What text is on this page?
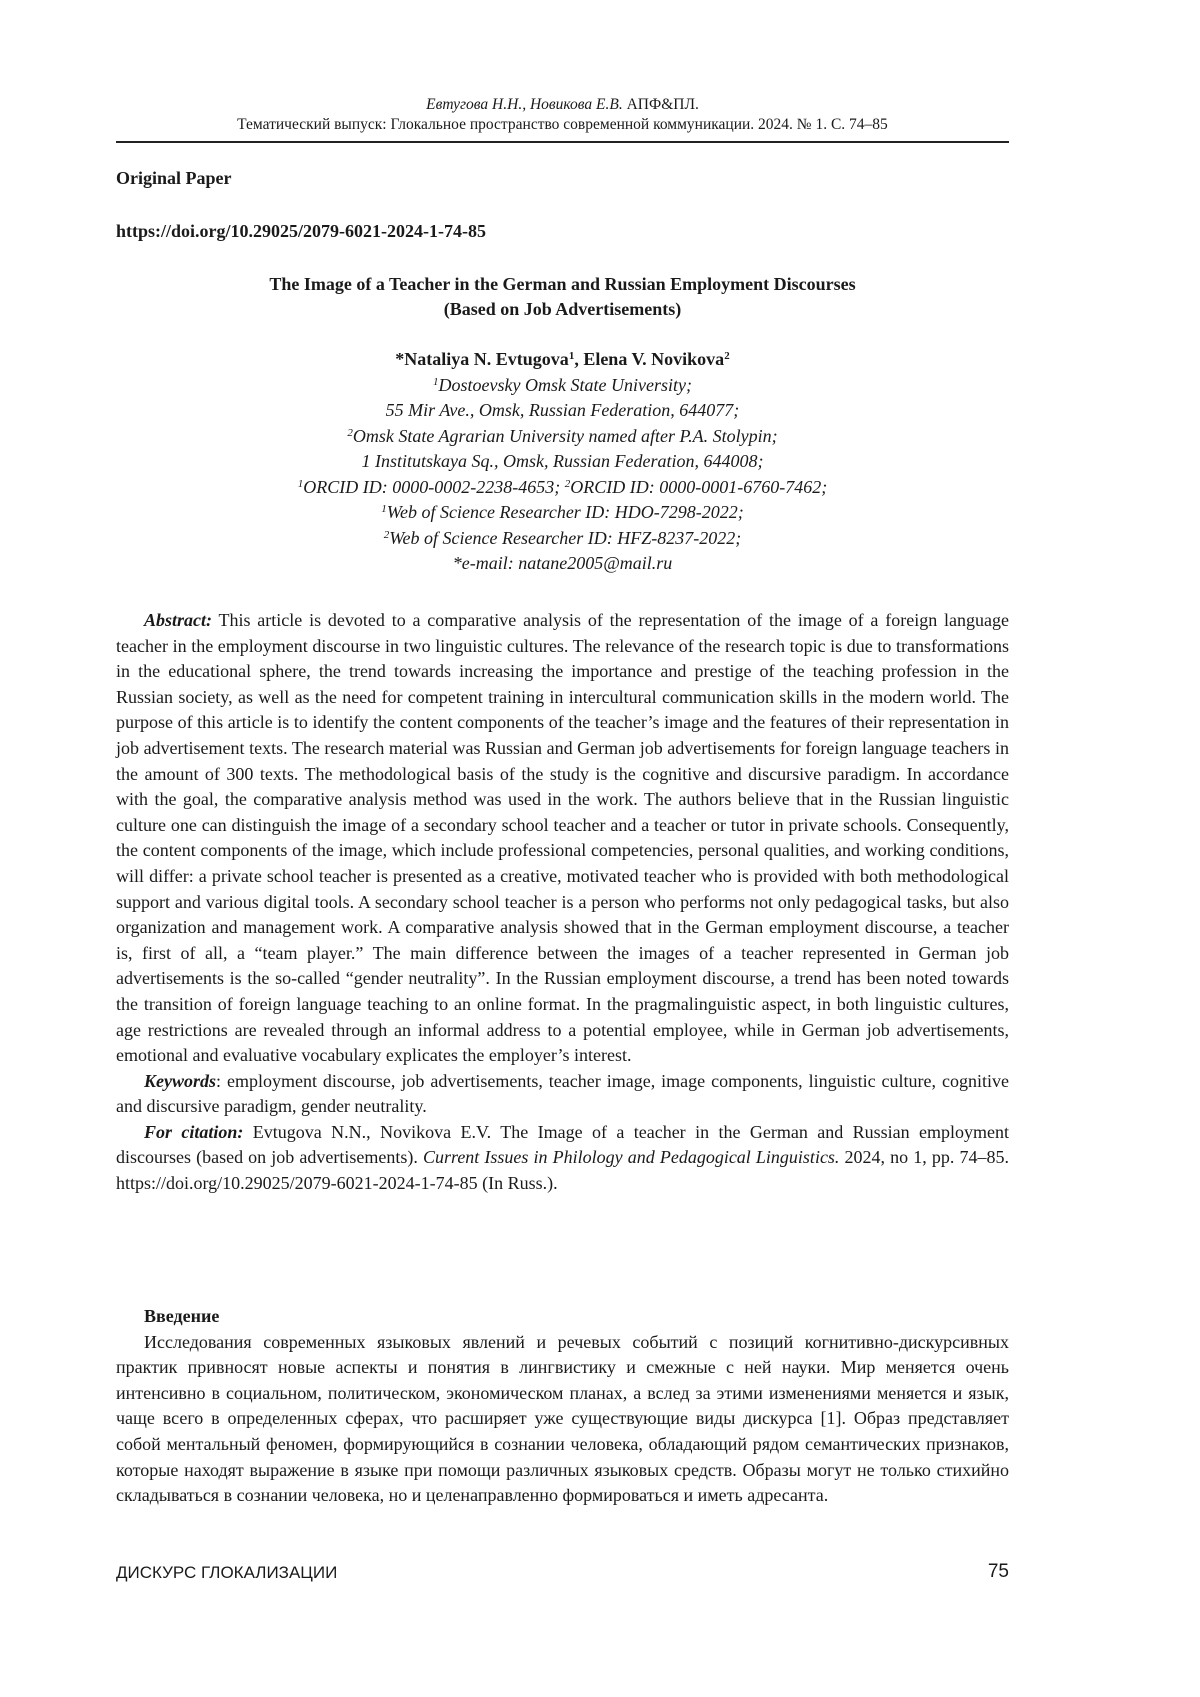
Евтугова Н.Н., Новикова Е.В. АПФ&ПЛ.
Тематический выпуск: Глокальное пространство современной коммуникации. 2024. № 1. С. 74–85
Original Paper
https://doi.org/10.29025/2079-6021-2024-1-74-85
The Image of a Teacher in the German and Russian Employment Discourses
(Based on Job Advertisements)
*Nataliya N. Evtugova$^1$, Elena V. Novikova$^2$
$^1$Dostoevsky Omsk State University;
55 Mir Ave., Omsk, Russian Federation, 644077;
$^2$Omsk State Agrarian University named after P.A. Stolypin;
1 Institutskaya Sq., Omsk, Russian Federation, 644008;
$^1$ORCID ID: 0000-0002-2238-4653; $^2$ORCID ID: 0000-0001-6760-7462;
$^1$Web of Science Researcher ID: HDO-7298-2022;
$^2$Web of Science Researcher ID: HFZ-8237-2022;
*e-mail: natane2005@mail.ru

Abstract: This article is devoted to a comparative analysis of the representation of the image of a foreign language teacher in the employment discourse in two linguistic cultures. The relevance of the research topic is due to transformations in the educational sphere, the trend towards increasing the importance and prestige of the teaching profession in the Russian society, as well as the need for competent training in intercultural communication skills in the modern world. The purpose of this article is to identify the content components of the teacher’s image and the features of their representation in job advertisement texts. The research material was Russian and German job advertisements for foreign language teachers in the amount of 300 texts. The methodological basis of the study is the cognitive and discursive paradigm. In accordance with the goal, the comparative analysis method was used in the work. The authors believe that in the Russian linguistic culture one can distinguish the image of a secondary school teacher and a teacher or tutor in private schools. Consequently, the content components of the image, which include professional competencies, personal qualities, and working conditions, will differ: a private school teacher is presented as a creative, motivated teacher who is provided with both methodological support and various digital tools. A secondary school teacher is a person who performs not only pedagogical tasks, but also organization and management work. A comparative analysis showed that in the German employment discourse, a teacher is, first of all, a “team player.” The main difference between the images of a teacher represented in German job advertisements is the so-called “gender neutrality”. In the Russian employment discourse, a trend has been noted towards the transition of foreign language teaching to an online format. In the pragmalinguistic aspect, in both linguistic cultures, age restrictions are revealed through an informal address to a potential employee, while in German job advertisements, emotional and evaluative vocabulary explicates the employer’s interest.

Keywords: employment discourse, job advertisements, teacher image, image components, linguistic culture, cognitive and discursive paradigm, gender neutrality.

For citation: Evtugova N.N., Novikova E.V. The Image of a teacher in the German and Russian employment discourses (based on job advertisements). Current Issues in Philology and Pedagogical Linguistics. 2024, no 1, pp. 74–85. https://doi.org/10.29025/2079-6021-2024-1-74-85 (In Russ.).

Введение

Исследования современных языковых явлений и речевых событий с позиций когнитивно-дискурсивных практик привносят новые аспекты и понятия в лингвистику и смежные с ней науки. Мир меняется очень интенсивно в социальном, политическом, экономическом планах, а вслед за этими изменениями меняется и язык, чаще всего в определенных сферах, что расширяет уже существующие виды дискурса [1]. Образ представляет собой ментальный феномен, формирующийся в сознании человека, обладающий рядом семантических признаков, которые находят выражение в языке при помощи различных языковых средств. Образы могут не только стихийно складываться в сознании человека, но и целенаправленно формироваться и иметь адресанта.

ДИСКУРС ГЛОКАЛИЗАЦИИ	75
